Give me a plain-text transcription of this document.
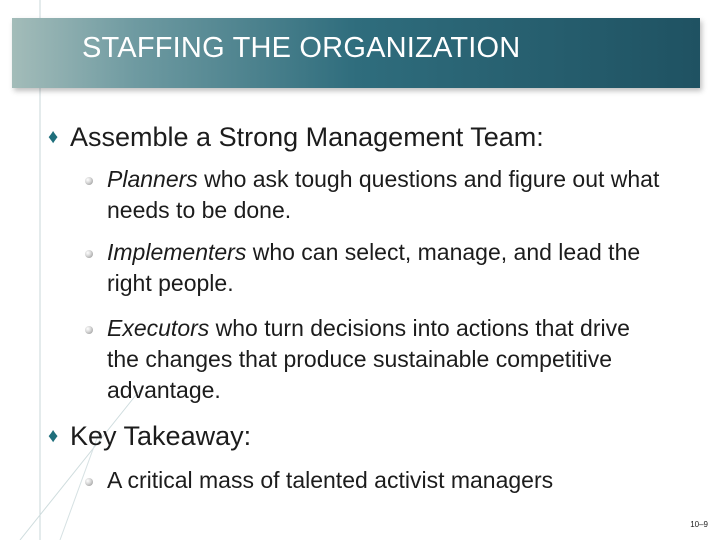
STAFFING THE ORGANIZATION
♦ Assemble a Strong Management Team:
Planners who ask tough questions and figure out what needs to be done.
Implementers who can select, manage, and lead the right people.
Executors who turn decisions into actions that drive the changes that produce sustainable competitive advantage.
♦ Key Takeaway:
A critical mass of talented activist managers
10–9
